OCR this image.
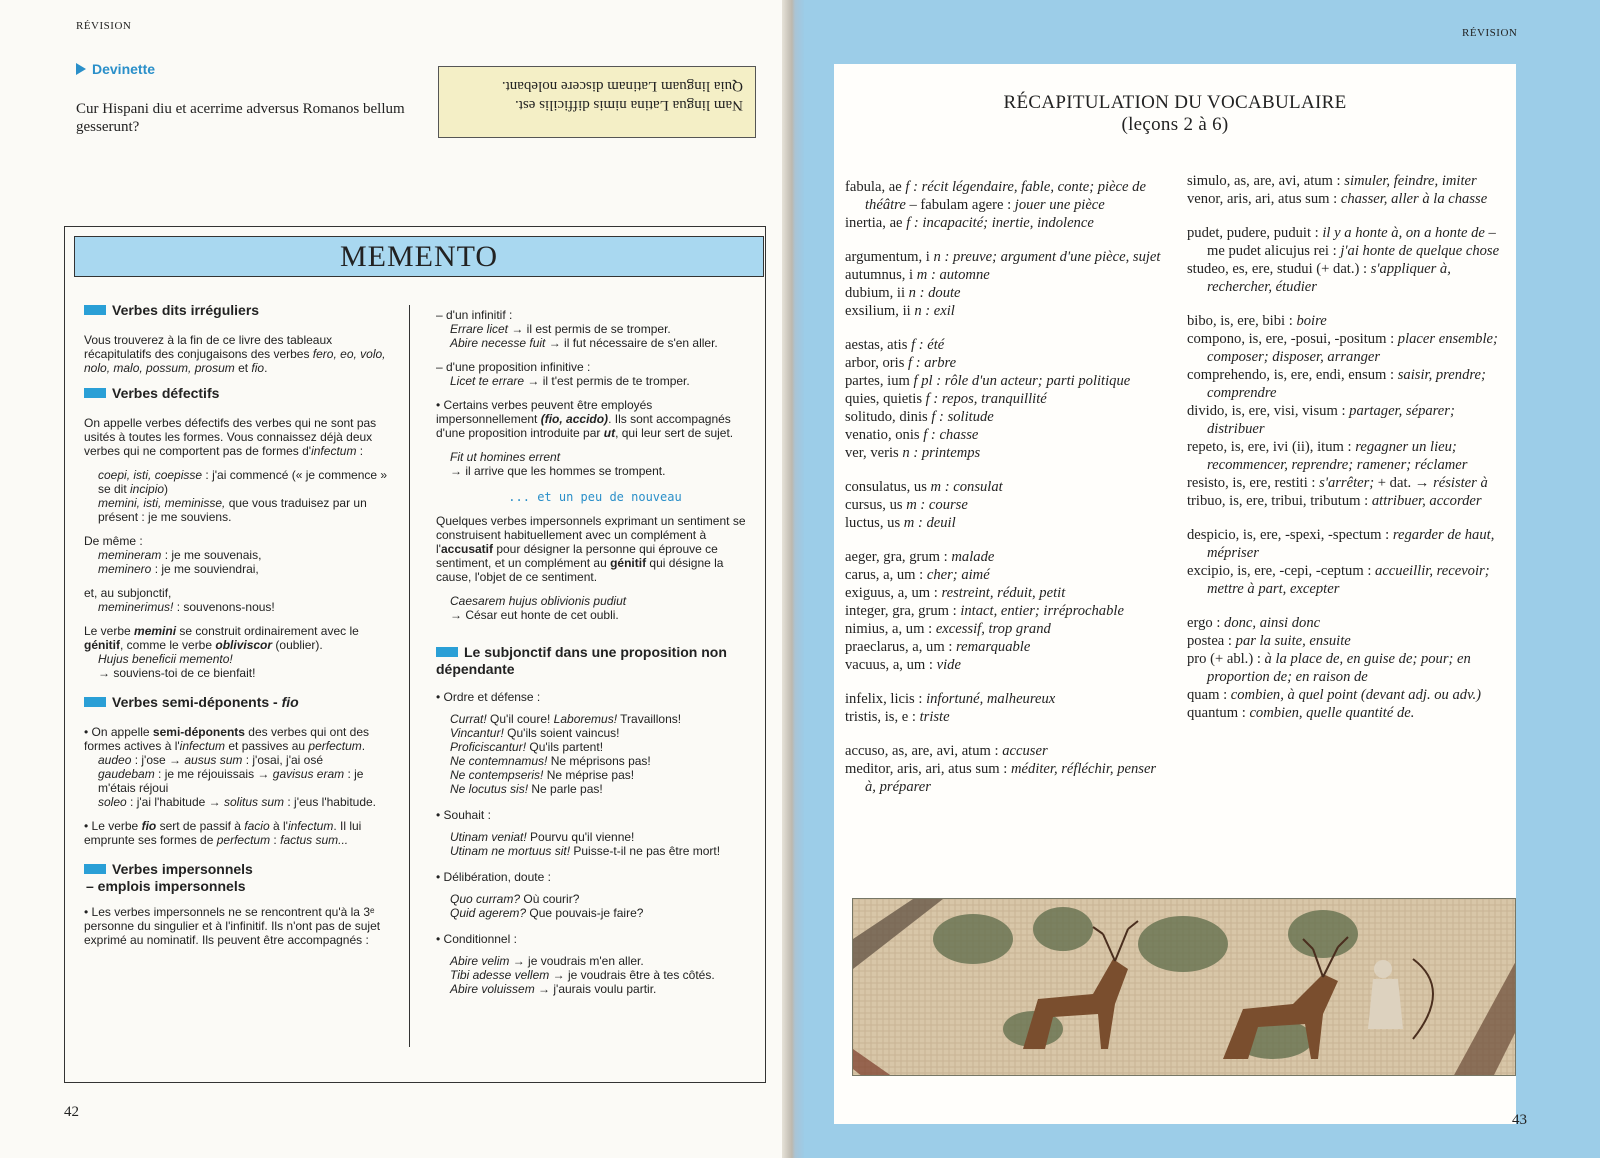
RÉVISION
42
Devinette
Cur Hispani diu et acerrime adversus Romanos bellum gesserunt?
Nam lingua Latina nimis difficilis est.
Quia linguam Latinam discere nolebant.
MEMENTO
Verbes dits irréguliers
Vous trouverez à la fin de ce livre des tableaux récapitulatifs des conjugaisons des verbes fero, eo, volo, nolo, malo, possum, prosum et fio.
Verbes défectifs
On appelle verbes défectifs des verbes qui ne sont pas usités à toutes les formes. Vous connaissez déjà deux verbes qui ne comportent pas de formes d'infectum :
coepi, isti, coepisse : j'ai commencé (« je commence » se dit incipio)
memini, isti, meminisse, que vous traduisez par un présent : je me souviens.
De même :
memineram : je me souvenais,
meminero : je me souviendrai,
et, au subjonctif,
meminerimus! : souvenons-nous!
Le verbe memini se construit ordinairement avec le génitif, comme le verbe obliviscor (oublier).
Hujus beneficii memento!
→ souviens-toi de ce bienfait!
Verbes semi-déponents - fio
• On appelle semi-déponents des verbes qui ont des formes actives à l'infectum et passives au perfectum.
audeo : j'ose → ausus sum : j'osai, j'ai osé
gaudebam : je me réjouissais → gavisus eram : je m'étais réjoui
soleo : j'ai l'habitude → solitus sum : j'eus l'habitude.
• Le verbe fio sert de passif à facio à l'infectum. Il lui emprunte ses formes de perfectum : factus sum...
Verbes impersonnels
– emplois impersonnels
• Les verbes impersonnels ne se rencontrent qu'à la 3ᵉ personne du singulier et à l'infinitif. Ils n'ont pas de sujet exprimé au nominatif. Ils peuvent être accompagnés :
– d'un infinitif :
Errare licet → il est permis de se tromper.
Abire necesse fuit → il fut nécessaire de s'en aller.
– d'une proposition infinitive :
Licet te errare → il t'est permis de te tromper.
• Certains verbes peuvent être employés impersonnellement (fio, accido). Ils sont accompagnés d'une proposition introduite par ut, qui leur sert de sujet.
Fit ut homines errent
→ il arrive que les hommes se trompent.
... et un peu de nouveau
Quelques verbes impersonnels exprimant un sentiment se construisent habituellement avec un complément à l'accusatif pour désigner la personne qui éprouve ce sentiment, et un complément au génitif qui désigne la cause, l'objet de ce sentiment.
Caesarem hujus oblivionis pudiut
→ César eut honte de cet oubli.
Le subjonctif dans une proposition non dépendante
• Ordre et défense :
Currat! Qu'il coure! Laboremus! Travaillons!
Vincantur! Qu'ils soient vaincus!
Proficiscantur! Qu'ils partent!
Ne contemnamus! Ne méprisons pas!
Ne contempseris! Ne méprise pas!
Ne locutus sis! Ne parle pas!
• Souhait :
Utinam veniat! Pourvu qu'il vienne!
Utinam ne mortuus sit! Puisse-t-il ne pas être mort!
• Délibération, doute :
Quo curram? Où courir?
Quid agerem? Que pouvais-je faire?
• Conditionnel :
Abire velim → je voudrais m'en aller.
Tibi adesse vellem → je voudrais être à tes côtés.
Abire voluissem → j'aurais voulu partir.
RÉVISION
RÉCAPITULATION DU VOCABULAIRE
(leçons 2 à 6)
fabula, ae f : récit légendaire, fable, conte; pièce de théâtre – fabulam agere : jouer une pièce
inertia, ae f : incapacité; inertie, indolence
argumentum, i n : preuve; argument d'une pièce, sujet
autumnus, i m : automne
dubium, ii n : doute
exsilium, ii n : exil
aestas, atis f : été
arbor, oris f : arbre
partes, ium f pl : rôle d'un acteur; parti politique
quies, quietis f : repos, tranquillité
solitudo, dinis f : solitude
venatio, onis f : chasse
ver, veris n : printemps
consulatus, us m : consulat
cursus, us m : course
luctus, us m : deuil
aeger, gra, grum : malade
carus, a, um : cher; aimé
exiguus, a, um : restreint, réduit, petit
integer, gra, grum : intact, entier; irréprochable
nimius, a, um : excessif, trop grand
praeclarus, a, um : remarquable
vacuus, a, um : vide
infelix, licis : infortuné, malheureux
tristis, is, e : triste
accuso, as, are, avi, atum : accuser
meditor, aris, ari, atus sum : méditer, réfléchir, penser à, préparer
simulo, as, are, avi, atum : simuler, feindre, imiter
venor, aris, ari, atus sum : chasser, aller à la chasse
pudet, pudere, puduit : il y a honte à, on a honte de – me pudet alicujus rei : j'ai honte de quelque chose
studeo, es, ere, studui (+ dat.) : s'appliquer à, rechercher, étudier
bibo, is, ere, bibi : boire
compono, is, ere, -posui, -positum : placer ensemble; composer; disposer, arranger
comprehendo, is, ere, endi, ensum : saisir, prendre; comprendre
divido, is, ere, visi, visum : partager, séparer; distribuer
repeto, is, ere, ivi (ii), itum : regagner un lieu; recommencer, reprendre; ramener; réclamer
resisto, is, ere, restiti : s'arrêter; + dat. → résister à
tribuo, is, ere, tribui, tributum : attribuer, accorder
despicio, is, ere, -spexi, -spectum : regarder de haut, mépriser
excipio, is, ere, -cepi, -ceptum : accueillir, recevoir; mettre à part, excepter
ergo : donc, ainsi donc
postea : par la suite, ensuite
pro (+ abl.) : à la place de, en guise de; pour; en proportion de; en raison de
quam : combien, à quel point (devant adj. ou adv.)
quantum : combien, quelle quantité de.
43
